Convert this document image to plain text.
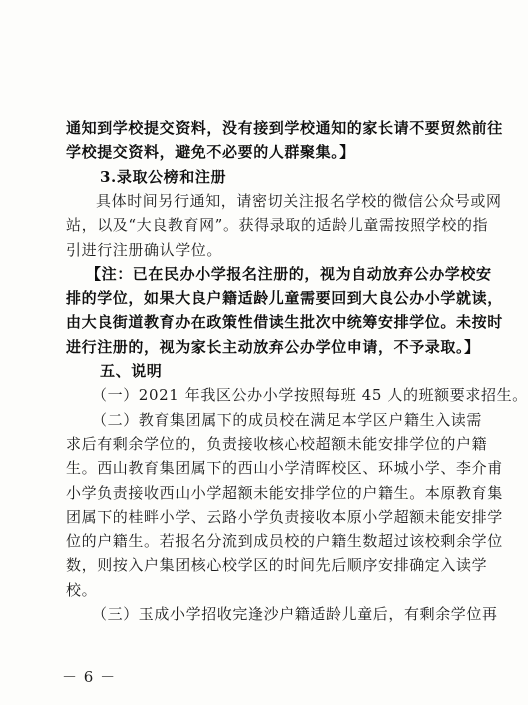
通知到学校提交资料，没有接到学校通知的家长请不要贸然前往
学校提交资料，避免不必要的人群聚集。】
3.录取公榜和注册
具体时间另行通知，请密切关注报名学校的微信公众号或网
站，以及“大良教育网”。获得录取的适龄儿童需按照学校的指
引进行注册确认学位。
【注：已在民办小学报名注册的，视为自动放弃公办学校安
排的学位，如果大良户籍适龄儿童需要回到大良公办小学就读，
由大良街道教育办在政策性借读生批次中统筹安排学位。未按时
进行注册的，视为家长主动放弃公办学位申请，不予录取。】
五、说明
（一）2021 年我区公办小学按照每班 45 人的班额要求招生。
（二）教育集团属下的成员校在满足本学区户籍生入读需
求后有剩余学位的，负责接收核心校超额未能安排学位的户籍
生。西山教育集团属下的西山小学清晖校区、环城小学、李介甫
小学负责接收西山小学超额未能安排学位的户籍生。本原教育集
团属下的桂畔小学、云路小学负责接收本原小学超额未能安排学
位的户籍生。若报名分流到成员校的户籍生数超过该校剩余学位
数，则按入户集团核心校学区的时间先后顺序安排确定入读学
校。
（三）玉成小学招收完逢沙户籍适龄儿童后，有剩余学位再
－ 6 －
